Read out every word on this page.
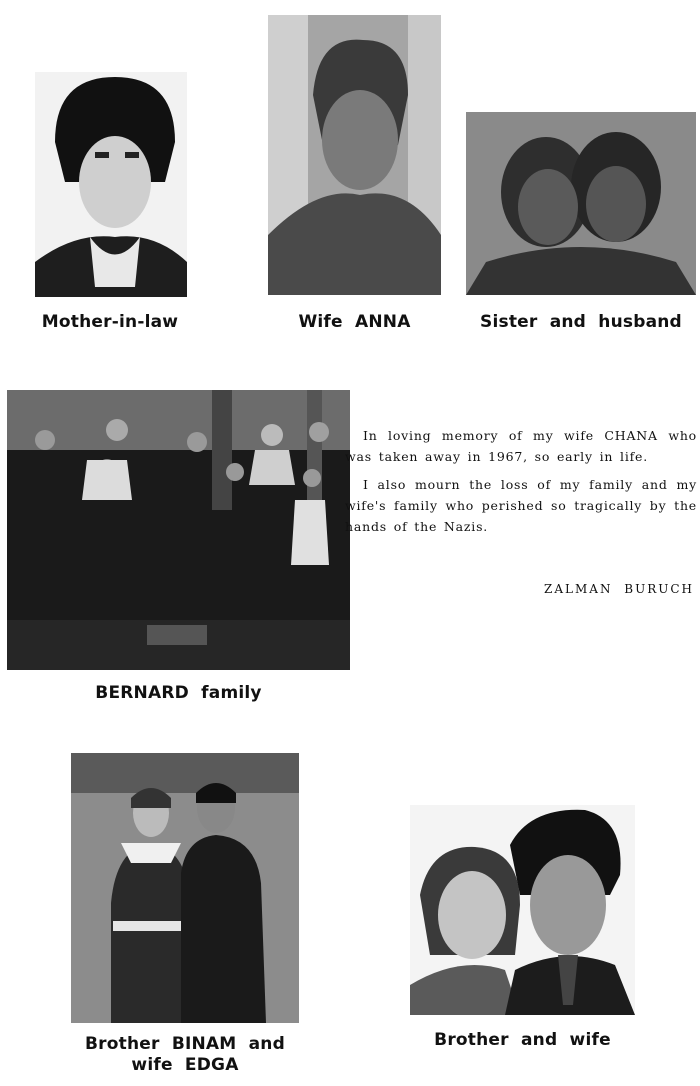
Mother-in-law	Wife  ANNA	Sister  and  husband
BERNARD  family

In loving memory of my wife CHANA who was taken away in 1967, so early in life.

I also mourn the loss of my family and my wife's family who perished so tragically by the hands of the Nazis.

ZALMAN BURUCH
Brother  BINAM  and
wife  EDGA
Brother  and  wife
